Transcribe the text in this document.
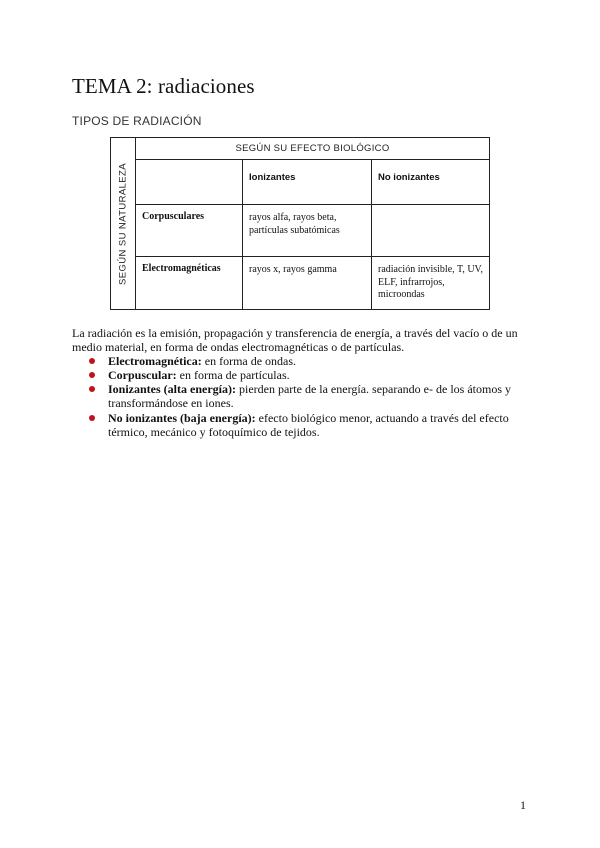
TEMA 2: radiaciones
TIPOS DE RADIACIÓN
SEGÚN SU NATURALEZA	SEGÚN SU EFECTO BIOLÓGICO		
		Ionizantes	No ionizantes
	Corpusculares	rayos alfa, rayos beta, partículas subatómicas	
	Electromagnéticas	rayos x, rayos gamma	radiación invisible, T, UV, ELF, infrarrojos, microondas

La radiación es la emisión, propagación y transferencia de energía, a través del vacío o de un medio material, en forma de ondas electromagnéticas o de partículas.

Electromagnética: en forma de ondas.
Corpuscular: en forma de partículas.
Ionizantes (alta energía): pierden parte de la energía. separando e- de los átomos y transformándose en iones.
No ionizantes (baja energía): efecto biológico menor, actuando a través del efecto térmico, mecánico y fotoquímico de tejidos.
1
